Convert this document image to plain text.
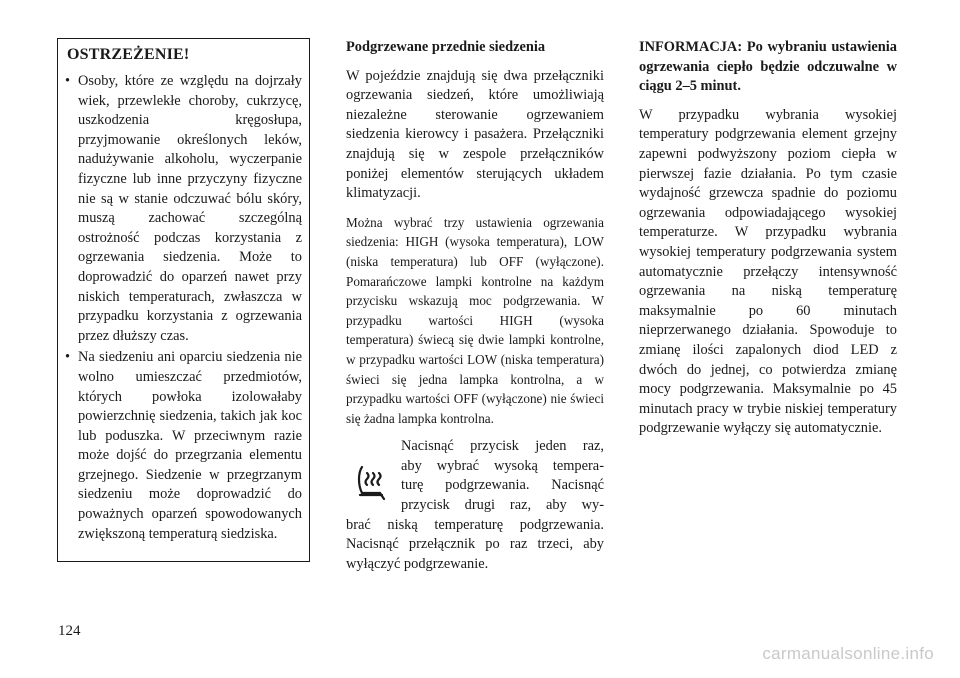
OSTRZEŻENIE!
• Osoby, które ze względu na dojrzały wiek, przewlekłe choroby, cukrzycę, uszkodzenia kręgosłupa, przyjmowanie określonych leków, nadużywanie alkoholu, wyczerpanie fizyczne lub inne przyczyny fizyczne nie są w stanie odczuwać bólu skóry, muszą zachować szczególną ostrożność podczas korzystania z ogrzewania siedzenia. Może to doprowadzić do oparzeń nawet przy niskich temperaturach, zwłaszcza w przypadku korzystania z ogrzewania przez dłuższy czas.
• Na siedzeniu ani oparciu siedzenia nie wolno umieszczać przedmiotów, których powłoka izolowałaby powierzchnię siedzenia, takich jak koc lub poduszka. W przeciwnym razie może dojść do przegrzania elementu grzejnego. Siedzenie w przegrzanym siedzeniu może doprowadzić do poważnych oparzeń spowodowanych zwiększoną temperaturą siedziska.

Podgrzewane przednie siedzenia

W pojeździe znajdują się dwa przełączniki ogrzewania siedzeń, które umożliwiają niezależne sterowanie ogrzewaniem siedzenia kierowcy i pasażera. Przełączniki znajdują się w zespole przełączników poniżej elementów sterujących układem klimatyzacji.

Można wybrać trzy ustawienia ogrzewania siedzenia: HIGH (wysoka temperatura), LOW (niska temperatura) lub OFF (wyłączone). Pomarańczowe lampki kontrolne na każdym przycisku wskazują moc podgrzewania. W przypadku wartości HIGH (wysoka temperatura) świecą się dwie lampki kontrolne, w przypadku wartości LOW (niska temperatura) świeci się jedna lampka kontrolna, a w przypadku wartości OFF (wyłączone) nie świeci się żadna lampka kontrolna.

Nacisnąć przycisk jeden raz,
aby wybrać wysoką tempera-
turę podgrzewania. Nacisnąć
przycisk drugi raz, aby wy-

brać niską temperaturę podgrzewania. Nacisnąć przełącznik po raz trzeci, aby wyłączyć podgrzewanie.

INFORMACJA: Po wybraniu ustawienia ogrzewania ciepło będzie odczuwalne w ciągu 2–5 minut.

W przypadku wybrania wysokiej temperatury podgrzewania element grzejny zapewni podwyższony poziom ciepła w pierwszej fazie działania. Po tym czasie wydajność grzewcza spadnie do poziomu ogrzewania odpowiadającego wysokiej temperaturze. W przypadku wybrania wysokiej temperatury podgrzewania system automatycznie przełączy intensywność ogrzewania na niską temperaturę maksymalnie po 60 minutach nieprzerwanego działania. Spowoduje to zmianę ilości zapalonych diod LED z dwóch do jednej, co potwierdza zmianę mocy podgrzewania. Maksymalnie po 45 minutach pracy w trybie niskiej temperatury podgrzewanie wyłączy się automatycznie.

124
carmanualsonline.info
